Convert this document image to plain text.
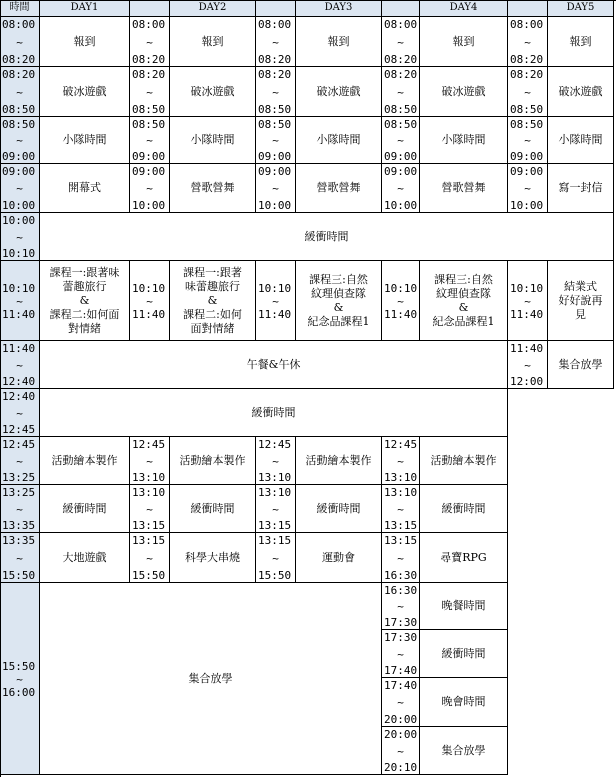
集合放學
20:00
~
20:10
晚會時間
17:40
~
20:00
緩衝時間
17:30
~
17:40
晚餐時間
16:30
~
17:30
集合放學
15:50
~
16:00
尋寶RPG
13:15
~
16:30
運動會
13:15
~
15:50
科學大串燒
13:15
~
15:50
大地遊戲
13:35
~
15:50
緩衝時間
13:10
~
13:15
緩衝時間
13:10
~
13:15
緩衝時間
13:10
~
13:15
緩衝時間
13:25
~
13:35
活動繪本製作
12:45
~
13:10
活動繪本製作
12:45
~
13:10
活動繪本製作
12:45
~
13:10
活動繪本製作
12:45
~
13:25
緩衝時間
12:40
~
12:45
集合放學
11:40
~
12:00
午餐&午休
11:40
~
12:40
結業式
好好說再
見
10:10
~
11:40
課程三:自然
紋理偵查隊
&
紀念品課程1
10:10
~
11:40
課程三:自然
紋理偵查隊
&
紀念品課程1
10:10
~
11:40
課程一:跟著
味蕾趣旅行
&
課程二:如何
面對情緒
10:10
~
11:40
課程一:跟著味
蕾趣旅行
&
課程二:如何面
對情緒
10:10
~
11:40
緩衝時間
10:00
~
10:10
寫一封信
09:00
~
10:00
營歌營舞
09:00
~
10:00
營歌營舞
09:00
~
10:00
營歌營舞
09:00
~
10:00
開幕式
09:00
~
10:00
小隊時間
08:50
~
09:00
小隊時間
08:50
~
09:00
小隊時間
08:50
~
09:00
小隊時間
08:50
~
09:00
小隊時間
08:50
~
09:00
破冰遊戲
08:20
~
08:50
破冰遊戲
08:20
~
08:50
破冰遊戲
08:20
~
08:50
破冰遊戲
08:20
~
08:50
破冰遊戲
08:20
~
08:50
報到
08:00
~
08:20
報到
08:00
~
08:20
報到
08:00
~
08:20
報到
08:00
~
08:20
報到
08:00
~
08:20
DAY5
DAY4
DAY3
DAY2
DAY1
時間
